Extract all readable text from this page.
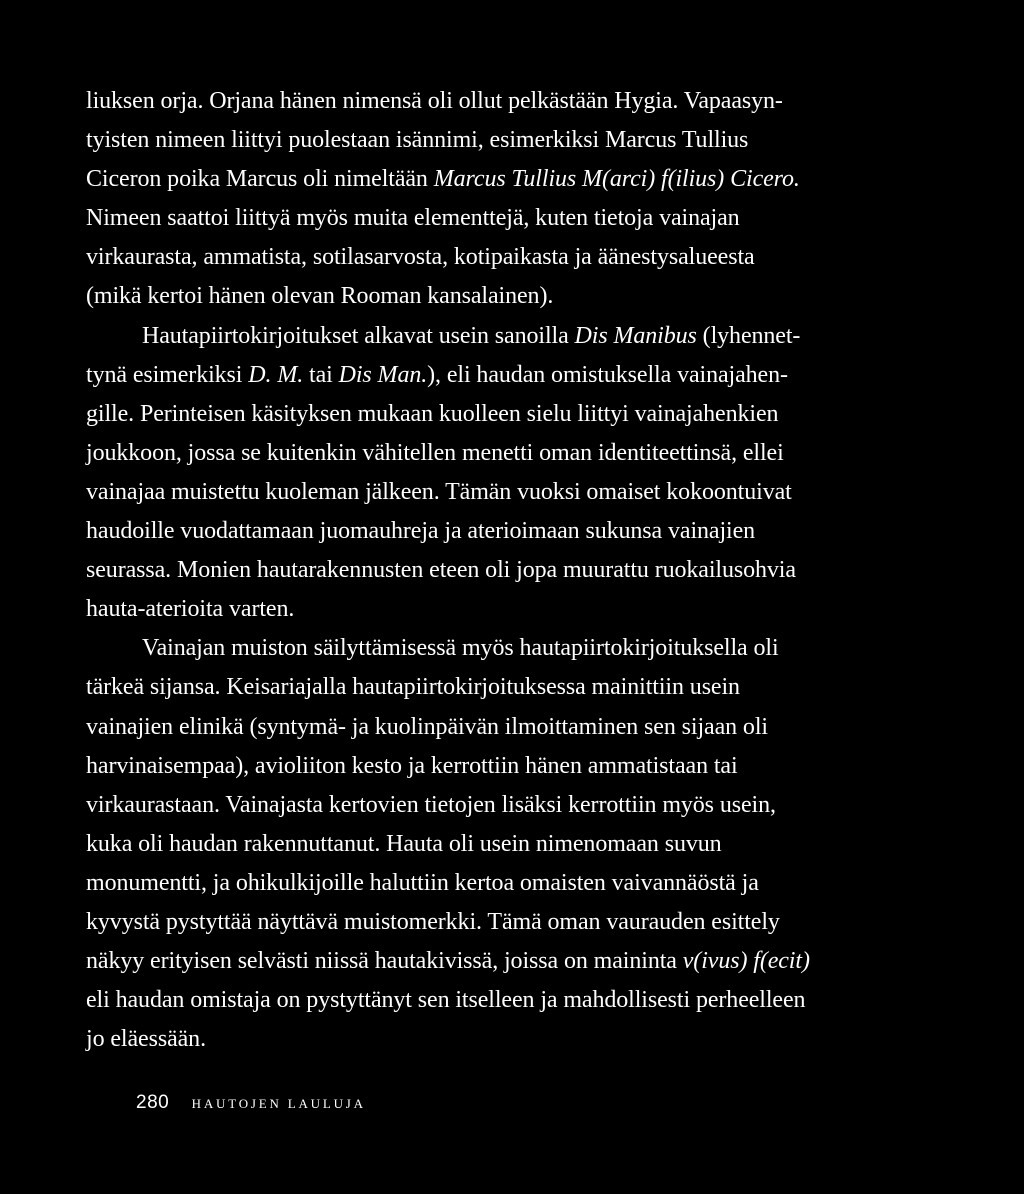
liuksen orja. Orjana hänen nimensä oli ollut pelkästään Hygia. Vapaasyn-
tyisten nimeen liittyi puolestaan isännimi, esimerkiksi Marcus Tullius
Ciceron poika Marcus oli nimeltään Marcus Tullius M(arci) f(ilius) Cicero.
Nimeen saattoi liittyä myös muita elementtejä, kuten tietoja vainajan
virkaurasta, ammatista, sotilasarvosta, kotipaikasta ja äänestysalueesta
(mikä kertoi hänen olevan Rooman kansalainen).
Hautapiirtokirjoitukset alkavat usein sanoilla Dis Manibus (lyhennet-
tynä esimerkiksi D. M. tai Dis Man.), eli haudan omistuksella vainajahen-
gille. Perinteisen käsityksen mukaan kuolleen sielu liittyi vainajahenkien
joukkoon, jossa se kuitenkin vähitellen menetti oman identiteettinsä, ellei
vainajaa muistettu kuoleman jälkeen. Tämän vuoksi omaiset kokoontuivat
haudoille vuodattamaan juomauhreja ja aterioimaan sukunsa vainajien
seurassa. Monien hautarakennusten eteen oli jopa muurattu ruokailusohvia
hauta-aterioita varten.
Vainajan muiston säilyttämisessä myös hautapiirtokirjoituksella oli
tärkeä sijansa. Keisariajalla hautapiirtokirjoituksessa mainittiin usein
vainajien elinikä (syntymä- ja kuolinpäivän ilmoittaminen sen sijaan oli
harvinaisempaa), avioliiton kesto ja kerrottiin hänen ammatistaan tai
virkaurastaan. Vainajasta kertovien tietojen lisäksi kerrottiin myös usein,
kuka oli haudan rakennuttanut. Hauta oli usein nimenomaan suvun
monumentti, ja ohikulkijoille haluttiin kertoa omaisten vaivannäöstä ja
kyvystä pystyttää näyttävä muistomerkki. Tämä oman vaurauden esittely
näkyy erityisen selvästi niissä hautakivissä, joissa on maininta v(ivus) f(ecit)
eli haudan omistaja on pystyttänyt sen itselleen ja mahdollisesti perheelleen
jo eläessään.
280 HAUTOJEN LAULUJA
